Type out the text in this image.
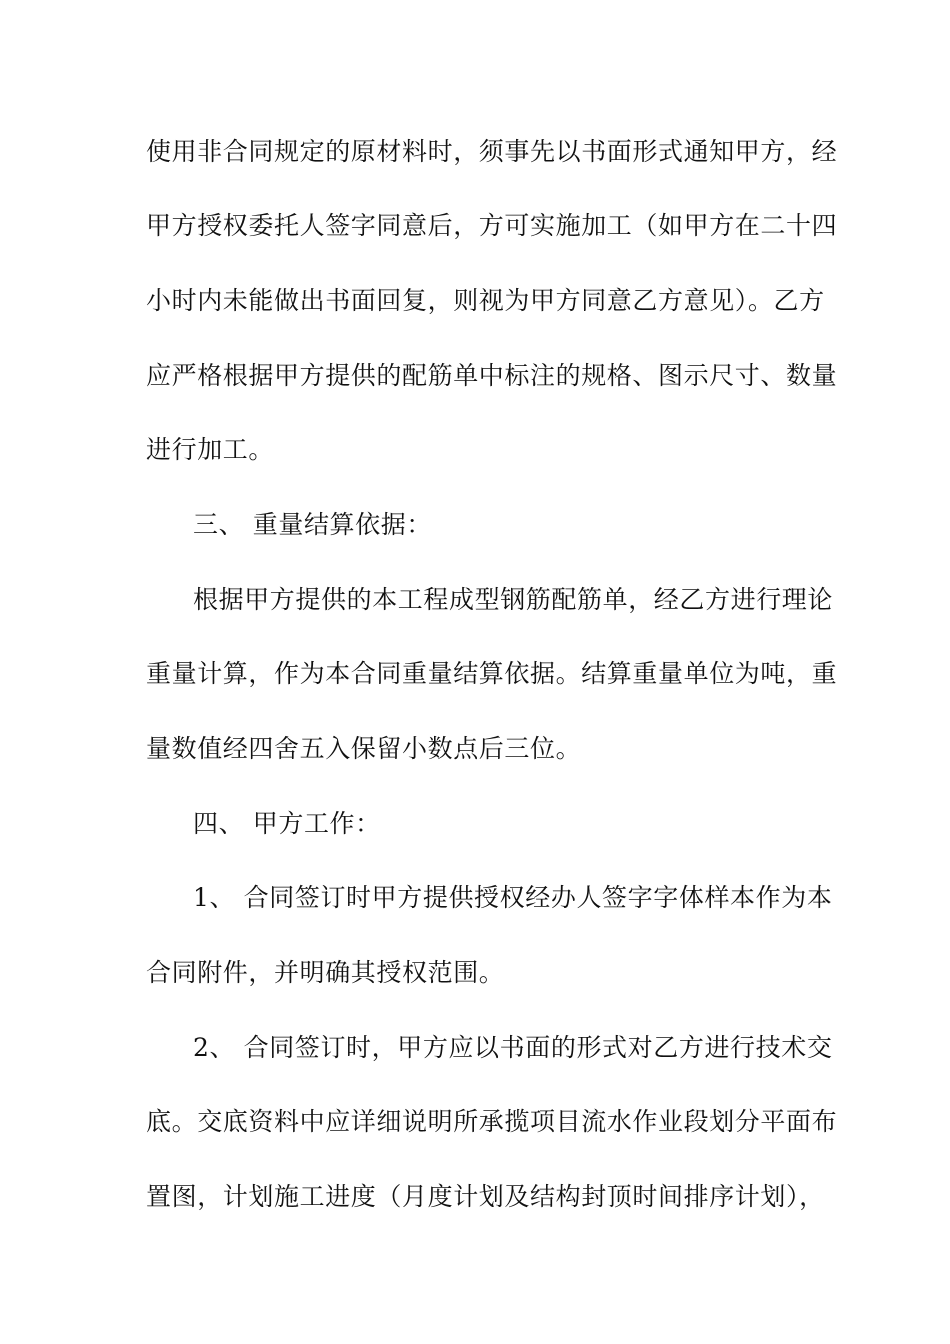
使用非合同规定的原材料时，须事先以书面形式通知甲方，经
甲方授权委托人签字同意后，方可实施加工（如甲方在二十四
小时内未能做出书面回复，则视为甲方同意乙方意见）。乙方
应严格根据甲方提供的配筋单中标注的规格、图示尺寸、数量
进行加工。
三、 重量结算依据：
根据甲方提供的本工程成型钢筋配筋单，经乙方进行理论
重量计算，作为本合同重量结算依据。结算重量单位为吨，重
量数值经四舍五入保留小数点后三位。
四、 甲方工作：
1、 合同签订时甲方提供授权经办人签字字体样本作为本
合同附件，并明确其授权范围。
2、 合同签订时，甲方应以书面的形式对乙方进行技术交
底。交底资料中应详细说明所承揽项目流水作业段划分平面布
置图，计划施工进度（月度计划及结构封顶时间排序计划），
